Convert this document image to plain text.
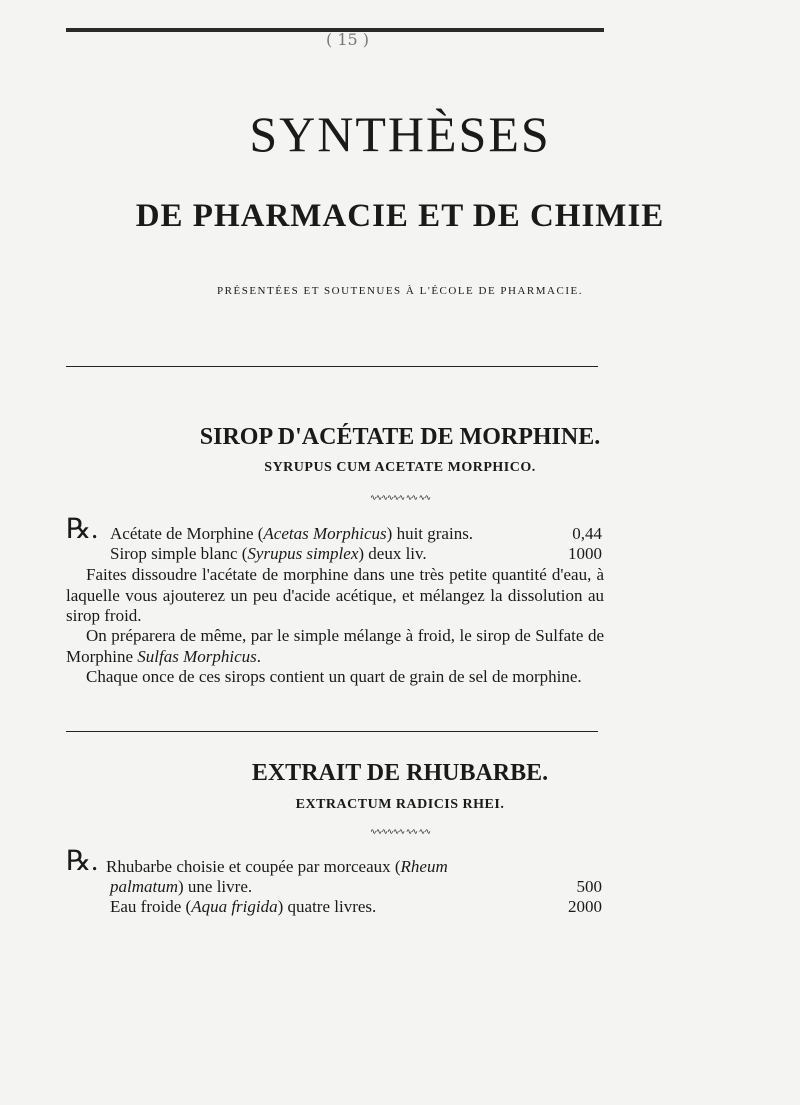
( 15 )
SYNTHÈSES
DE PHARMACIE ET DE CHIMIE
PRÉSENTÉES ET SOUTENUES À L'ÉCOLE DE PHARMACIE.
SIROP D'ACÉTATE DE MORPHINE.
SYRUPUS CUM ACETATE MORPHICO.
∿∿∿∿∿∿ ∿∿ ∿∿
℞. Acétate de Morphine (Acetas Morphicus) huit grains.	0,44
Sirop simple blanc (Syrupus simplex) deux liv.	1000
Faites dissoudre l'acétate de morphine dans une très petite quantité d'eau, à laquelle vous ajouterez un peu d'acide acétique, et mélangez la dissolution au sirop froid.
On préparera de même, par le simple mélange à froid, le sirop de Sulfate de Morphine Sulfas Morphicus.
Chaque once de ces sirops contient un quart de grain de sel de morphine.
EXTRAIT DE RHUBARBE.
EXTRACTUM RADICIS RHEI.
∿∿∿∿∿∿ ∿∿ ∿∿
℞. Rhubarbe choisie et coupée par morceaux (Rheum
palmatum) une livre.	500
Eau froide (Aqua frigida) quatre livres.	2000
